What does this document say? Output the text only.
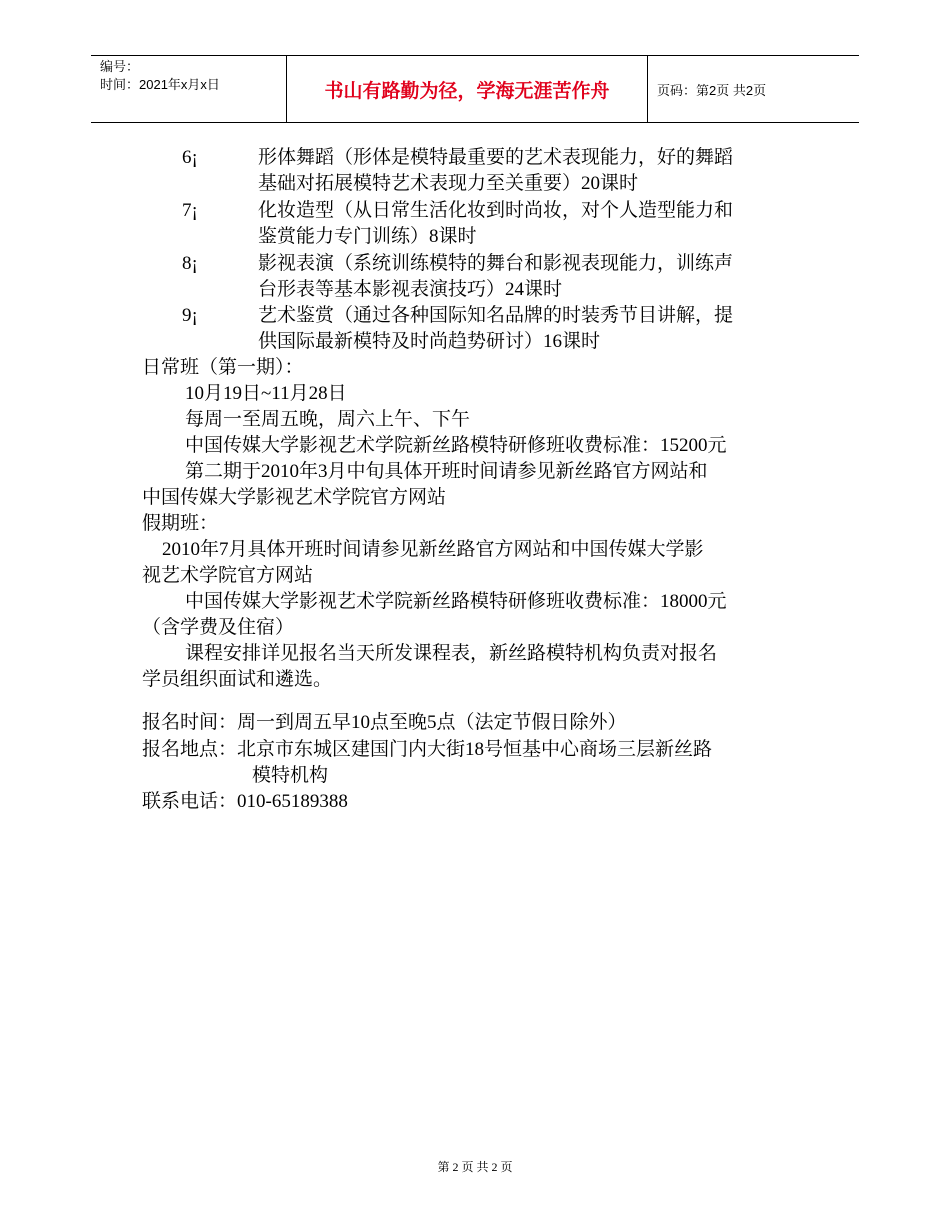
编号：
时间：2021年x月x日	书山有路勤为径，学海无涯苦作舟	页码：第2页 共2页
6¡	形体舞蹈（形体是模特最重要的艺术表现能力，好的舞蹈
基础对拓展模特艺术表现力至关重要）20课时
7¡	化妆造型（从日常生活化妆到时尚妆，对个人造型能力和
鉴赏能力专门训练）8课时
8¡	影视表演（系统训练模特的舞台和影视表现能力，训练声
台形表等基本影视表演技巧）24课时
9¡	艺术鉴赏（通过各种国际知名品牌的时装秀节目讲解，提
供国际最新模特及时尚趋势研讨）16课时
日常班（第一期）：
10月19日~11月28日
每周一至周五晚，周六上午、下午
中国传媒大学影视艺术学院新丝路模特研修班收费标准：15200元
第二期于2010年3月中旬具体开班时间请参见新丝路官方网站和
中国传媒大学影视艺术学院官方网站
假期班：
2010年7月具体开班时间请参见新丝路官方网站和中国传媒大学影
视艺术学院官方网站
中国传媒大学影视艺术学院新丝路模特研修班收费标准：18000元
（含学费及住宿）
课程安排详见报名当天所发课程表，新丝路模特机构负责对报名
学员组织面试和遴选。
报名时间：周一到周五早10点至晚5点（法定节假日除外）
报名地点：北京市东城区建国门内大街18号恒基中心商场三层新丝路
模特机构
联系电话：010-65189388
第 2 页 共 2 页
